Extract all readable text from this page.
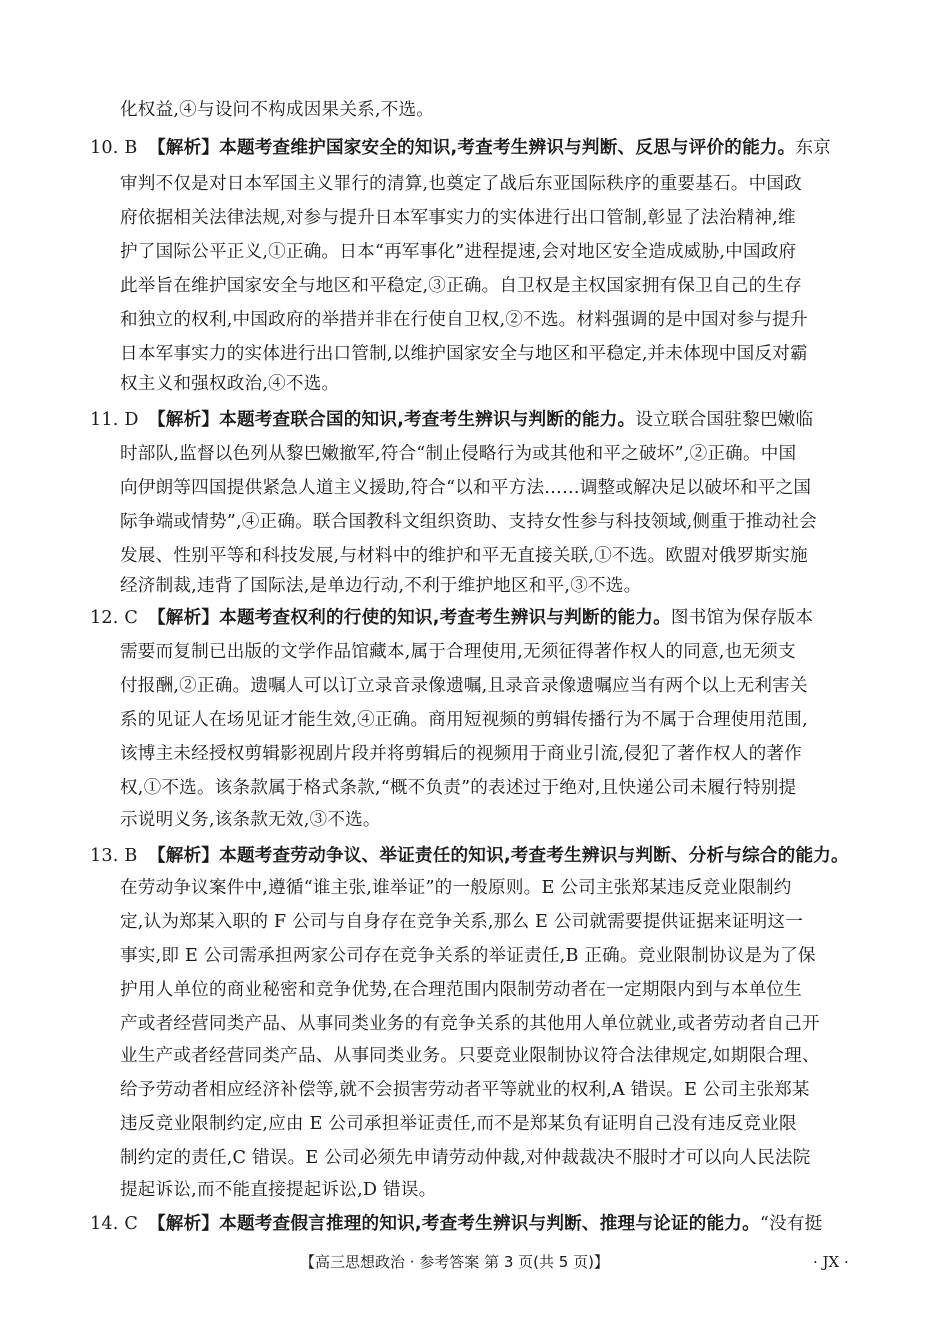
化权益,④与设问不构成因果关系,不选。
10. B 【解析】本题考查维护国家安全的知识,考查考生辨识与判断、反思与评价的能力。东京
审判不仅是对日本军国主义罪行的清算,也奠定了战后东亚国际秩序的重要基石。中国政
府依据相关法律法规,对参与提升日本军事实力的实体进行出口管制,彰显了法治精神,维
护了国际公平正义,①正确。日本“再军事化”进程提速,会对地区安全造成威胁,中国政府
此举旨在维护国家安全与地区和平稳定,③正确。自卫权是主权国家拥有保卫自己的生存
和独立的权利,中国政府的举措并非在行使自卫权,②不选。材料强调的是中国对参与提升
日本军事实力的实体进行出口管制,以维护国家安全与地区和平稳定,并未体现中国反对霸
权主义和强权政治,④不选。
11. D 【解析】本题考查联合国的知识,考查考生辨识与判断的能力。设立联合国驻黎巴嫩临
时部队,监督以色列从黎巴嫩撤军,符合“制止侵略行为或其他和平之破坏”,②正确。中国
向伊朗等四国提供紧急人道主义援助,符合“以和平方法……调整或解决足以破坏和平之国
际争端或情势”,④正确。联合国教科文组织资助、支持女性参与科技领域,侧重于推动社会
发展、性别平等和科技发展,与材料中的维护和平无直接关联,①不选。欧盟对俄罗斯实施
经济制裁,违背了国际法,是单边行动,不利于维护地区和平,③不选。
12. C 【解析】本题考查权利的行使的知识,考查考生辨识与判断的能力。图书馆为保存版本
需要而复制已出版的文学作品馆藏本,属于合理使用,无须征得著作权人的同意,也无须支
付报酬,②正确。遗嘱人可以订立录音录像遗嘱,且录音录像遗嘱应当有两个以上无利害关
系的见证人在场见证才能生效,④正确。商用短视频的剪辑传播行为不属于合理使用范围,
该博主未经授权剪辑影视剧片段并将剪辑后的视频用于商业引流,侵犯了著作权人的著作
权,①不选。该条款属于格式条款,“概不负责”的表述过于绝对,且快递公司未履行特别提
示说明义务,该条款无效,③不选。
13. B 【解析】本题考查劳动争议、举证责任的知识,考查考生辨识与判断、分析与综合的能力。
在劳动争议案件中,遵循“谁主张,谁举证”的一般原则。E 公司主张郑某违反竞业限制约
定,认为郑某入职的 F 公司与自身存在竞争关系,那么 E 公司就需要提供证据来证明这一
事实,即 E 公司需承担两家公司存在竞争关系的举证责任,B 正确。竞业限制协议是为了保
护用人单位的商业秘密和竞争优势,在合理范围内限制劳动者在一定期限内到与本单位生
产或者经营同类产品、从事同类业务的有竞争关系的其他用人单位就业,或者劳动者自己开
业生产或者经营同类产品、从事同类业务。只要竞业限制协议符合法律规定,如期限合理、
给予劳动者相应经济补偿等,就不会损害劳动者平等就业的权利,A 错误。E 公司主张郑某
违反竞业限制约定,应由 E 公司承担举证责任,而不是郑某负有证明自己没有违反竞业限
制约定的责任,C 错误。E 公司必须先申请劳动仲裁,对仲裁裁决不服时才可以向人民法院
提起诉讼,而不能直接提起诉讼,D 错误。
14. C 【解析】本题考查假言推理的知识,考查考生辨识与判断、推理与论证的能力。“没有挺
【高三思想政治 · 参考答案 第 3 页(共 5 页)】	· JX ·
